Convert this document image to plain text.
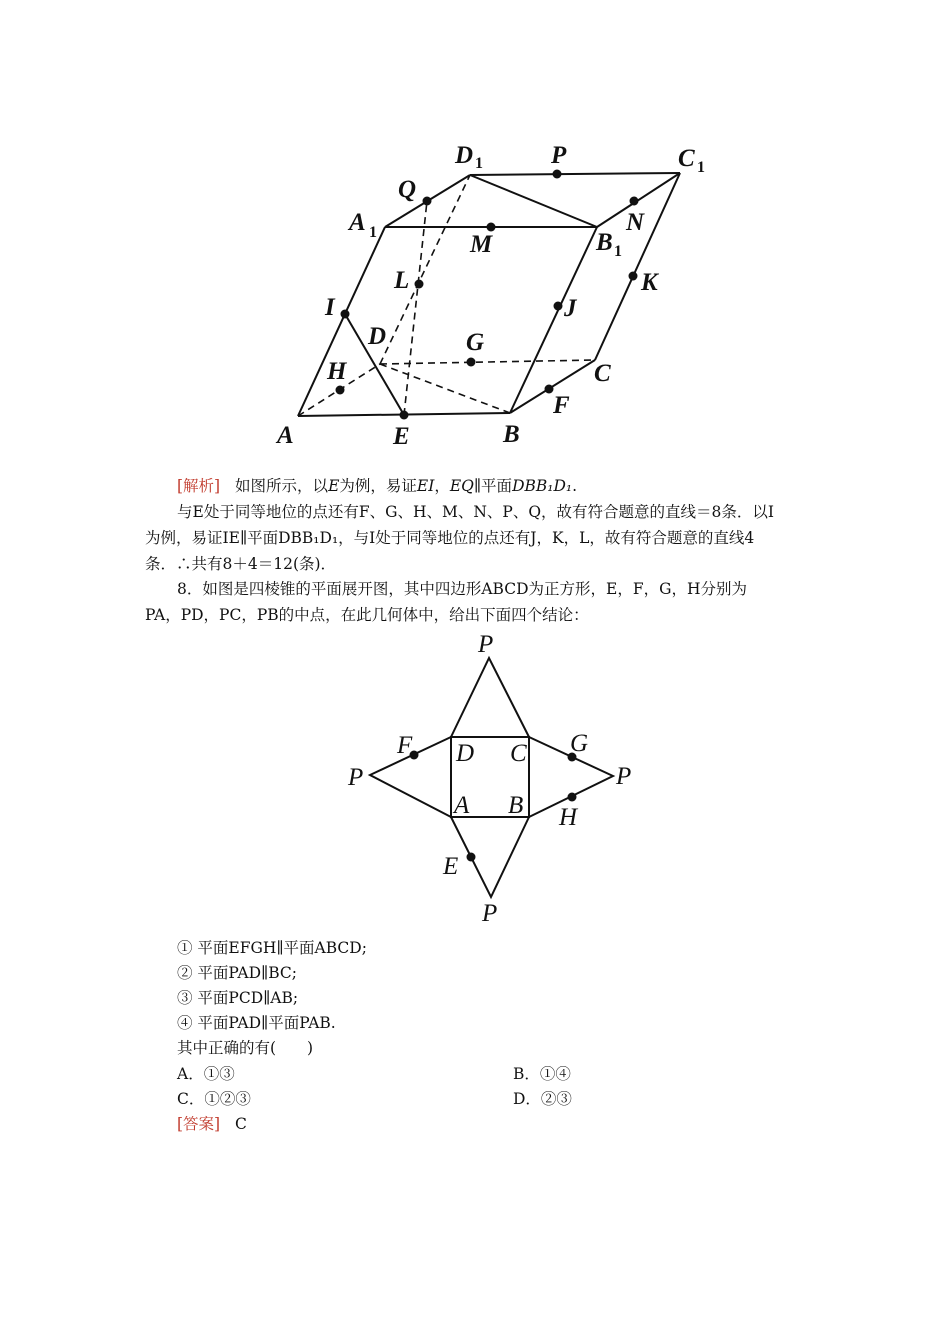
D 1	P	C 1
Q
A 1	M	B 1
N
L	K
I	J
D	G
H	C
F
A	E	B
[解析] 如图所示，以E为例，易证EI，EQ∥平面DBB₁D₁.
与E处于同等地位的点还有F、G、H、M、N、P、Q，故有符合题意的直线＝8条．以I
为例，易证IE∥平面DBB₁D₁，与I处于同等地位的点还有J，K，L，故有符合题意的直线4
条．∴共有8＋4＝12(条)．
8．如图是四棱锥的平面展开图，其中四边形ABCD为正方形，E，F，G，H分别为
PA，PD，PC，PB的中点，在此几何体中，给出下面四个结论：
P
P	P
P
F D C G
A B H
E
① 平面EFGH∥平面ABCD;
② 平面PAD∥BC;
③ 平面PCD∥AB;
④ 平面PAD∥平面PAB.
其中正确的有(　　)
A．①③	B．①④
C．①②③	D．②③
[答案] C
